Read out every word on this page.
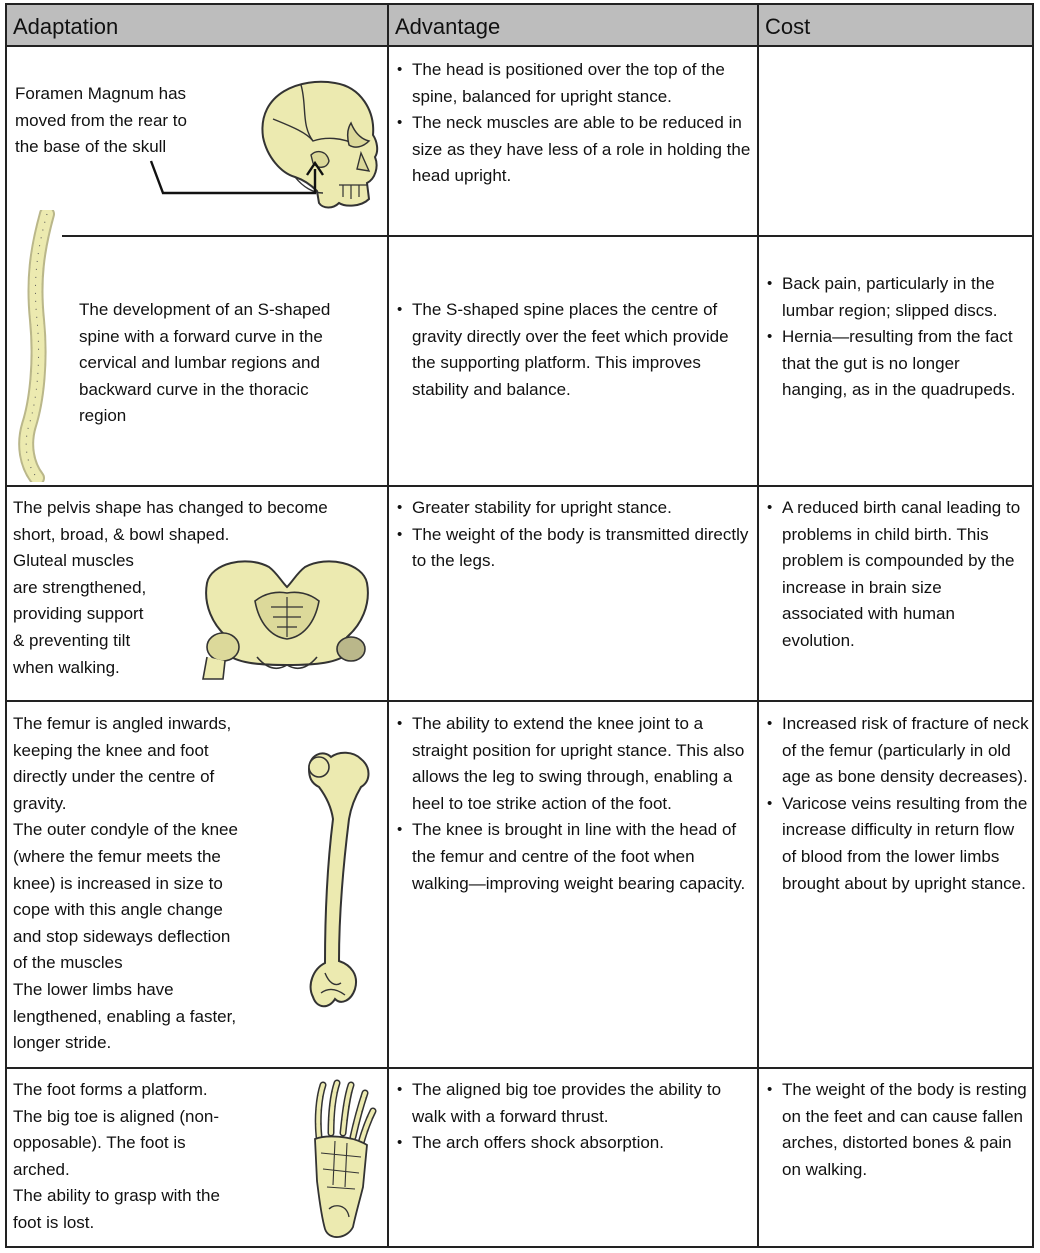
Adaptation	Advantage	Cost

Foramen Magnum has

moved from the rear to

the base of the skull

• The head is positioned over the top of the spine, balanced for upright stance.
• The neck muscles are able to be reduced in size as they have less of a role in holding the head upright.

The development of an S-shaped

spine with a forward curve in the

cervical and lumbar regions and

backward curve in the thoracic

region

• The S-shaped spine places the centre of gravity directly over the feet which provide the supporting platform. This improves stability and balance.
• Back pain, particularly in the lumbar region; slipped discs.
• Hernia—resulting from the fact that the gut is no longer hanging, as in the quadrupeds.

The pelvis shape has changed to become

short, broad, & bowl shaped.

Gluteal muscles

are strengthened,

providing support

& preventing tilt

when walking.

• Greater stability for upright stance.
• The weight of the body is transmitted directly to the legs.
• A reduced birth canal leading to problems in child birth. This problem is compounded by the increase in brain size associated with human evolution.

The femur is angled inwards,

keeping the knee and foot

directly under the centre of

gravity.

The outer condyle of the knee

(where the femur meets the

knee) is increased in size to

cope with this angle change

and stop sideways deflection

of the muscles

The lower limbs have

lengthened, enabling a faster,

longer stride.

• The ability to extend the knee joint to a straight position for upright stance. This also allows the leg to swing through, enabling a heel to toe strike action of the foot.
• The knee is brought in line with the head of the femur and centre of the foot when walking—improving weight bearing capacity.
• Increased risk of fracture of neck of the femur (particularly in old age as bone density decreases).
• Varicose veins resulting from the increase difficulty in return flow of blood from the lower limbs brought about by upright stance.

The foot forms a platform.

The big toe is aligned (non-

opposable). The foot is

arched.

The ability to grasp with the

foot is lost.

• The aligned big toe provides the ability to walk with a forward thrust.
• The arch offers shock absorption.
• The weight of the body is resting on the feet and can cause fallen arches, distorted bones & pain on walking.
